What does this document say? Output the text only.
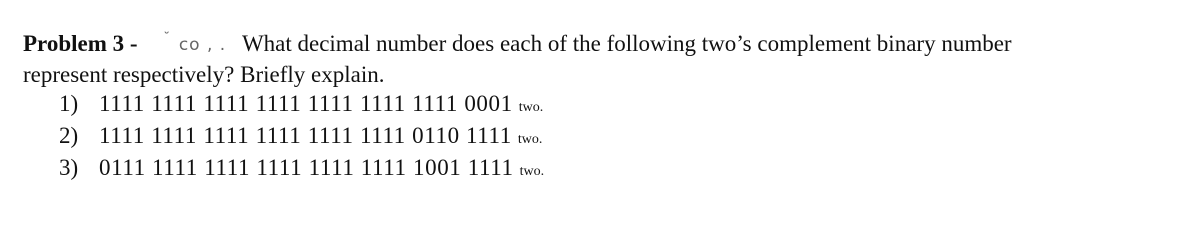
Problem 3 - ˘ co , . What decimal number does each of the following two’s complement binary number
represent respectively? Briefly explain.
1) 1111 1111 1111 1111 1111 1111 1111 0001 two.
2) 1111 1111 1111 1111 1111 1111 0110 1111 two.
3) 0111 1111 1111 1111 1111 1111 1001 1111 two.
